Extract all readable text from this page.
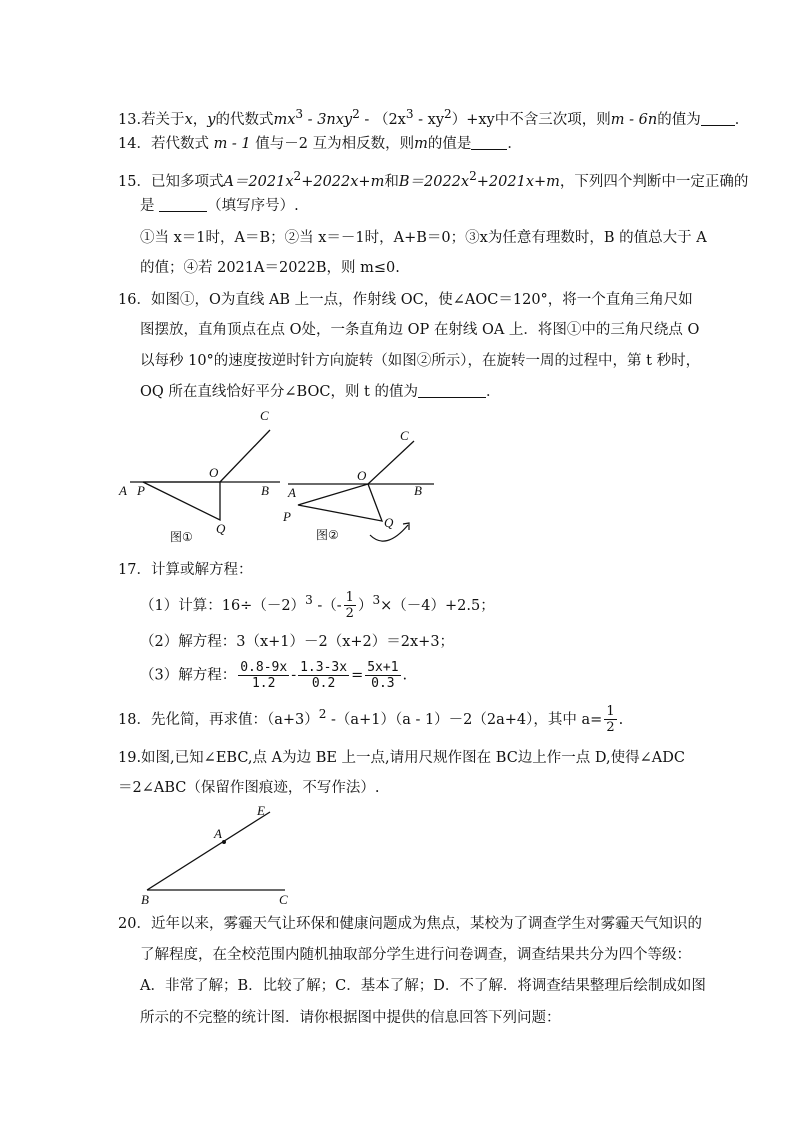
13.若关于x，y的代数式$mx^3 - 3nxy^2 - (2x^3 - xy^2)+xy$中不含三次项，则m - 6n的值为 ．
14．若代数式 m - 1 值与－2 互为相反数，则m的值是 ．
15．已知多项式$A=2021x^2+2022x+m$和$B=2022x^2+2021x+m$，下列四个判断中一定正确的
是	（填写序号）.
①当 x＝1时，A＝B；②当 x＝－1时，A+B＝0；③x为任意有理数时，B 的值总大于 A
的值；④若 2021A＝2022B，则 m≤0.
16．如图①，O为直线 AB 上一点，作射线 OC，使∠AOC＝120°，将一个直角三角尺如
图摆放，直角顶点在点 O处，一条直角边 OP 在射线 OA 上．将图①中的三角尺绕点 O
以每秒 10°的速度按逆时针方向旋转（如图②所示），在旋转一周的过程中，第 t 秒时，
OQ 所在直线恰好平分∠BOC，则 t 的值为	．
C
O
A P	B
Q
图①
C
O
A	B
P	Q
图②
17．计算或解方程：
（1）计算：$16\div(-2)^3$ -（- $\frac{1}{2} )^3\times(-4)+2.5$；
（2）解方程：3（x+1）－2（x+2）＝2x+3；
（3）解方程： $\frac{0.8-9x}{1.2} - \frac{1.3-3x}{0.2} = \frac{5x+1}{0.3}$ .
18．先化简，再求值：$(a+3)^2$ -（a+1）（a - 1）－2（2a+4），其中 $a= \frac{1}{2}$ .
19.如图,已知∠EBC,点 A为边 BE 上一点,请用尺规作图在 BC边上作一点 D,使得∠ADC
＝2∠ABC（保留作图痕迹，不写作法）.
E
A
B	C
20．近年以来，雾霾天气让环保和健康问题成为焦点，某校为了调查学生对雾霾天气知识的
了解程度，在全校范围内随机抽取部分学生进行问卷调查，调查结果共分为四个等级：
A．非常了解；B．比较了解；C．基本了解；D．不了解．将调查结果整理后绘制成如图
所示的不完整的统计图．请你根据图中提供的信息回答下列问题：
